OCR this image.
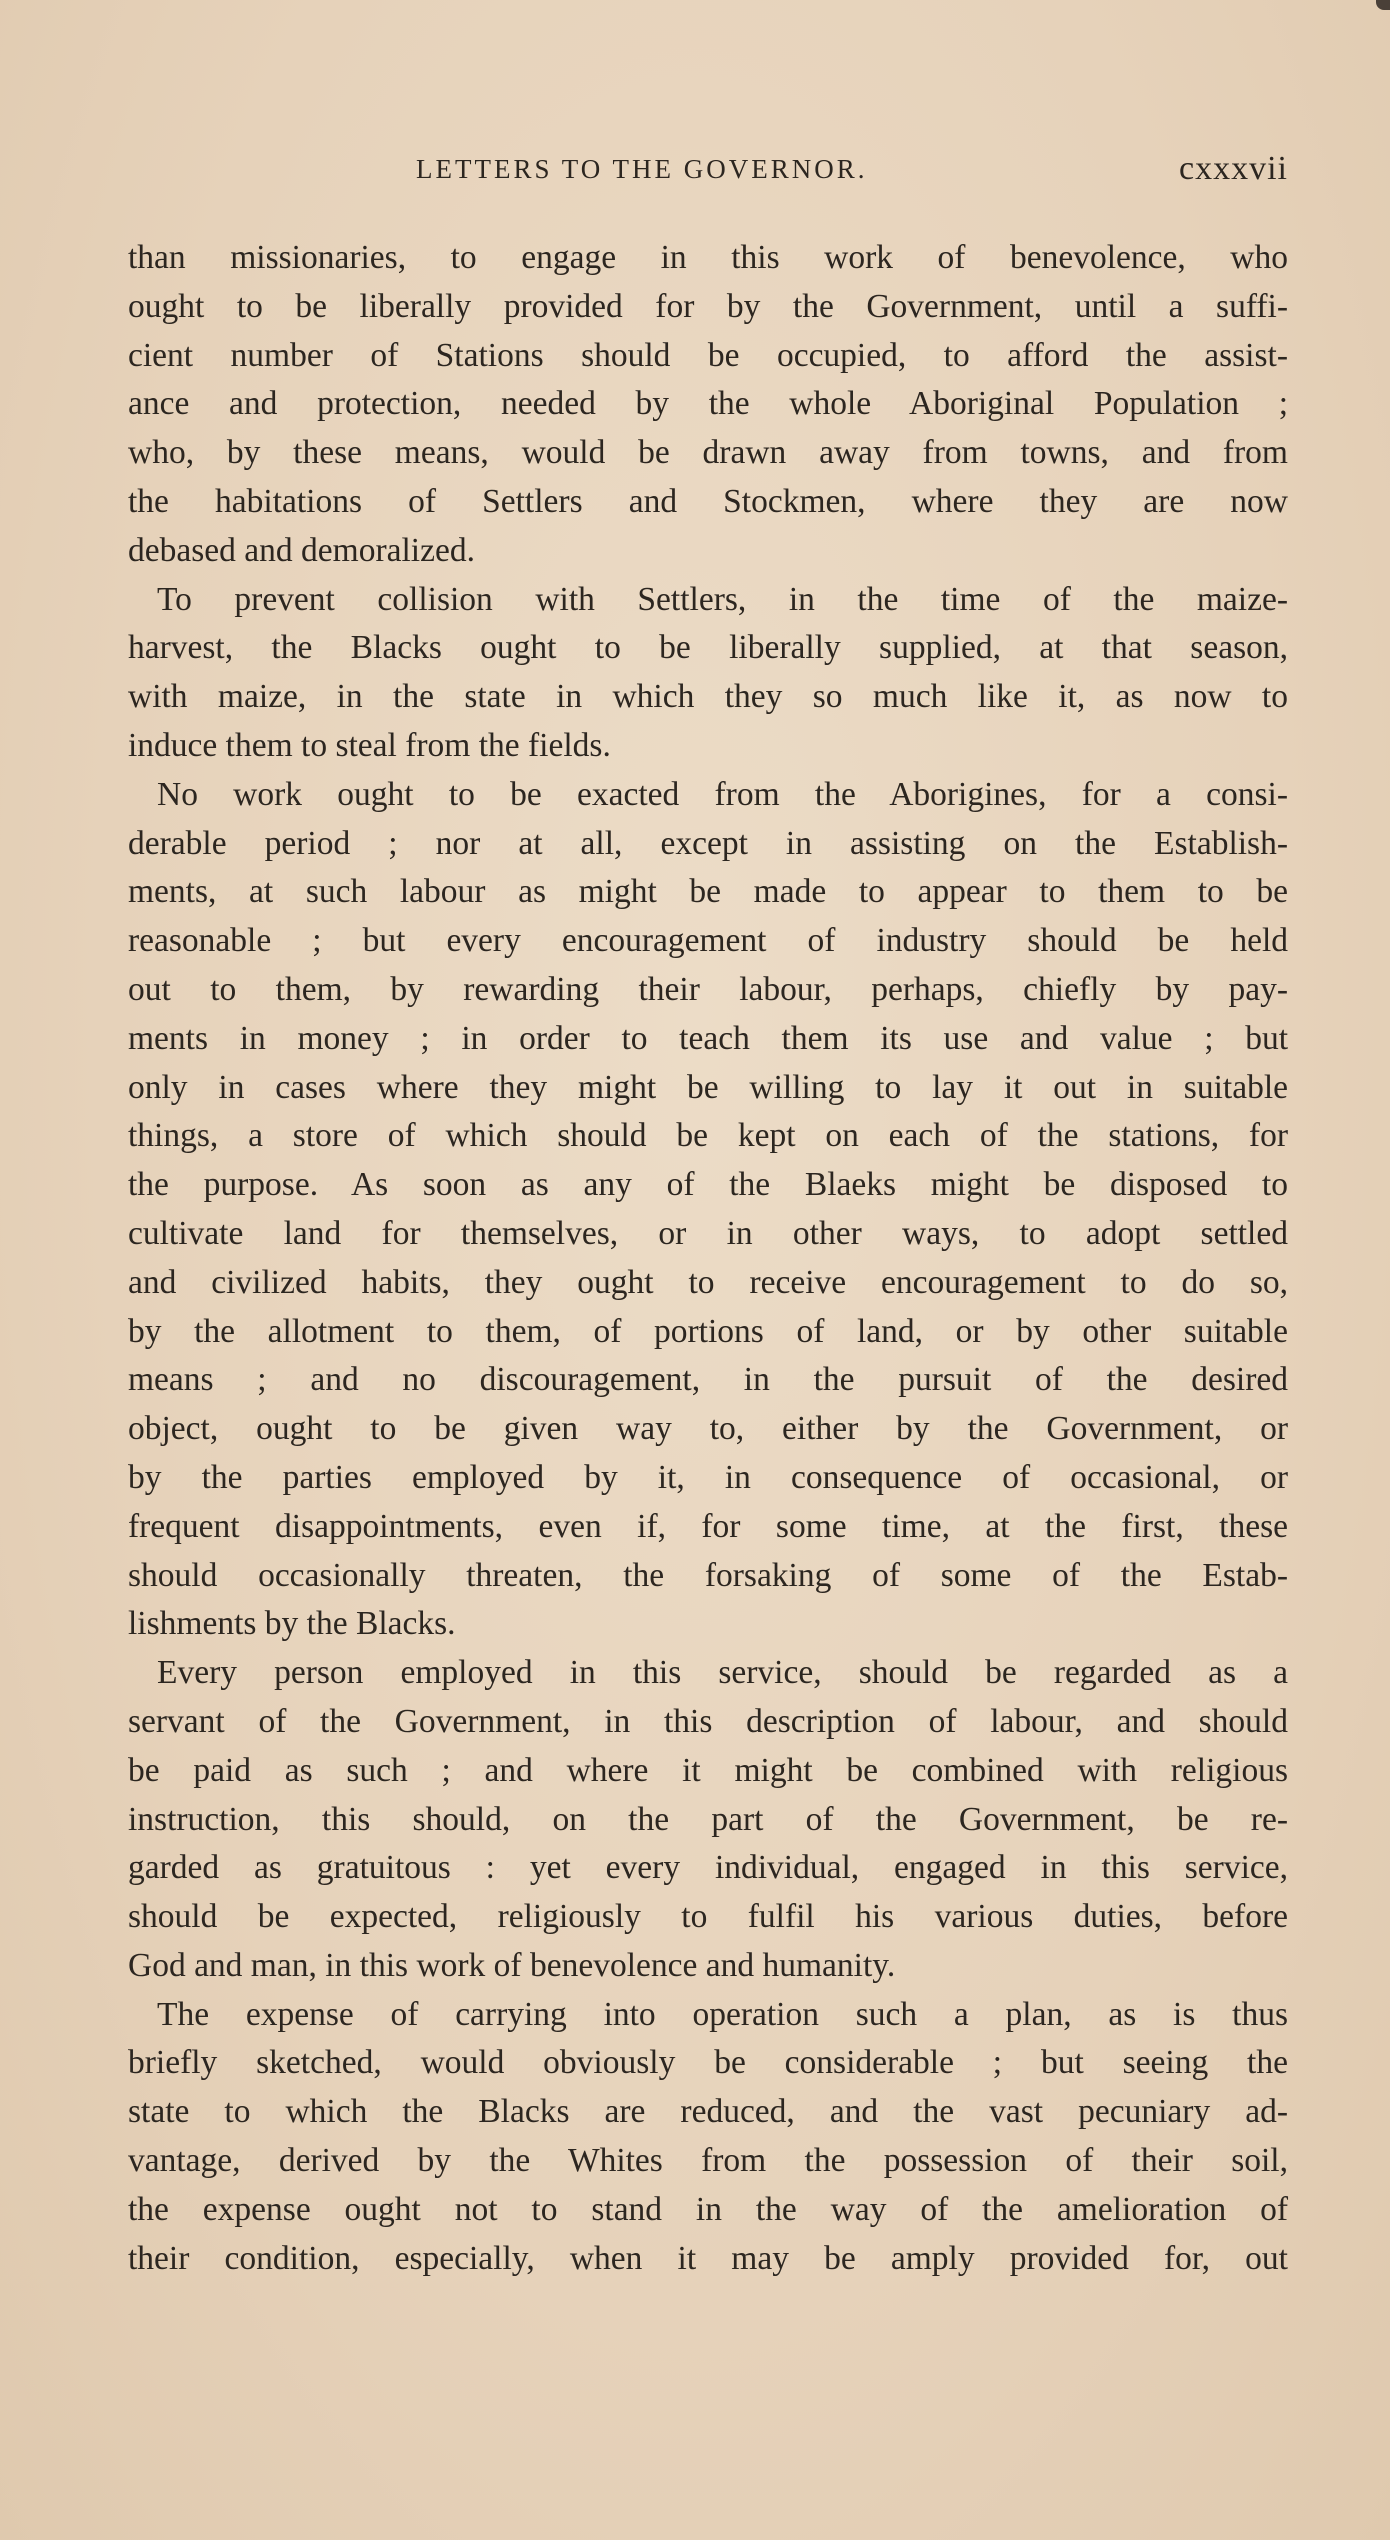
LETTERS TO THE GOVERNOR.	cxxxvii
than missionaries, to engage in this work of benevolence, who
ought to be liberally provided for by the Government, until a suffi-
cient number of Stations should be occupied, to afford the assist-
ance and protection, needed by the whole Aboriginal Population ;
who, by these means, would be drawn away from towns, and from
the habitations of Settlers and Stockmen, where they are now
debased and demoralized.
To prevent collision with Settlers, in the time of the maize-
harvest, the Blacks ought to be liberally supplied, at that season,
with maize, in the state in which they so much like it, as now to
induce them to steal from the fields.
No work ought to be exacted from the Aborigines, for a consi-
derable period ; nor at all, except in assisting on the Establish-
ments, at such labour as might be made to appear to them to be
reasonable ; but every encouragement of industry should be held
out to them, by rewarding their labour, perhaps, chiefly by pay-
ments in money ; in order to teach them its use and value ; but
only in cases where they might be willing to lay it out in suitable
things, a store of which should be kept on each of the stations, for
the purpose. As soon as any of the Blaeks might be disposed to
cultivate land for themselves, or in other ways, to adopt settled
and civilized habits, they ought to receive encouragement to do so,
by the allotment to them, of portions of land, or by other suitable
means ; and no discouragement, in the pursuit of the desired
object, ought to be given way to, either by the Government, or
by the parties employed by it, in consequence of occasional, or
frequent disappointments, even if, for some time, at the first, these
should occasionally threaten, the forsaking of some of the Estab-
lishments by the Blacks.
Every person employed in this service, should be regarded as a
servant of the Government, in this description of labour, and should
be paid as such ; and where it might be combined with religious
instruction, this should, on the part of the Government, be re-
garded as gratuitous : yet every individual, engaged in this service,
should be expected, religiously to fulfil his various duties, before
God and man, in this work of benevolence and humanity.
The expense of carrying into operation such a plan, as is thus
briefly sketched, would obviously be considerable ; but seeing the
state to which the Blacks are reduced, and the vast pecuniary ad-
vantage, derived by the Whites from the possession of their soil,
the expense ought not to stand in the way of the amelioration of
their condition, especially, when it may be amply provided for, out
